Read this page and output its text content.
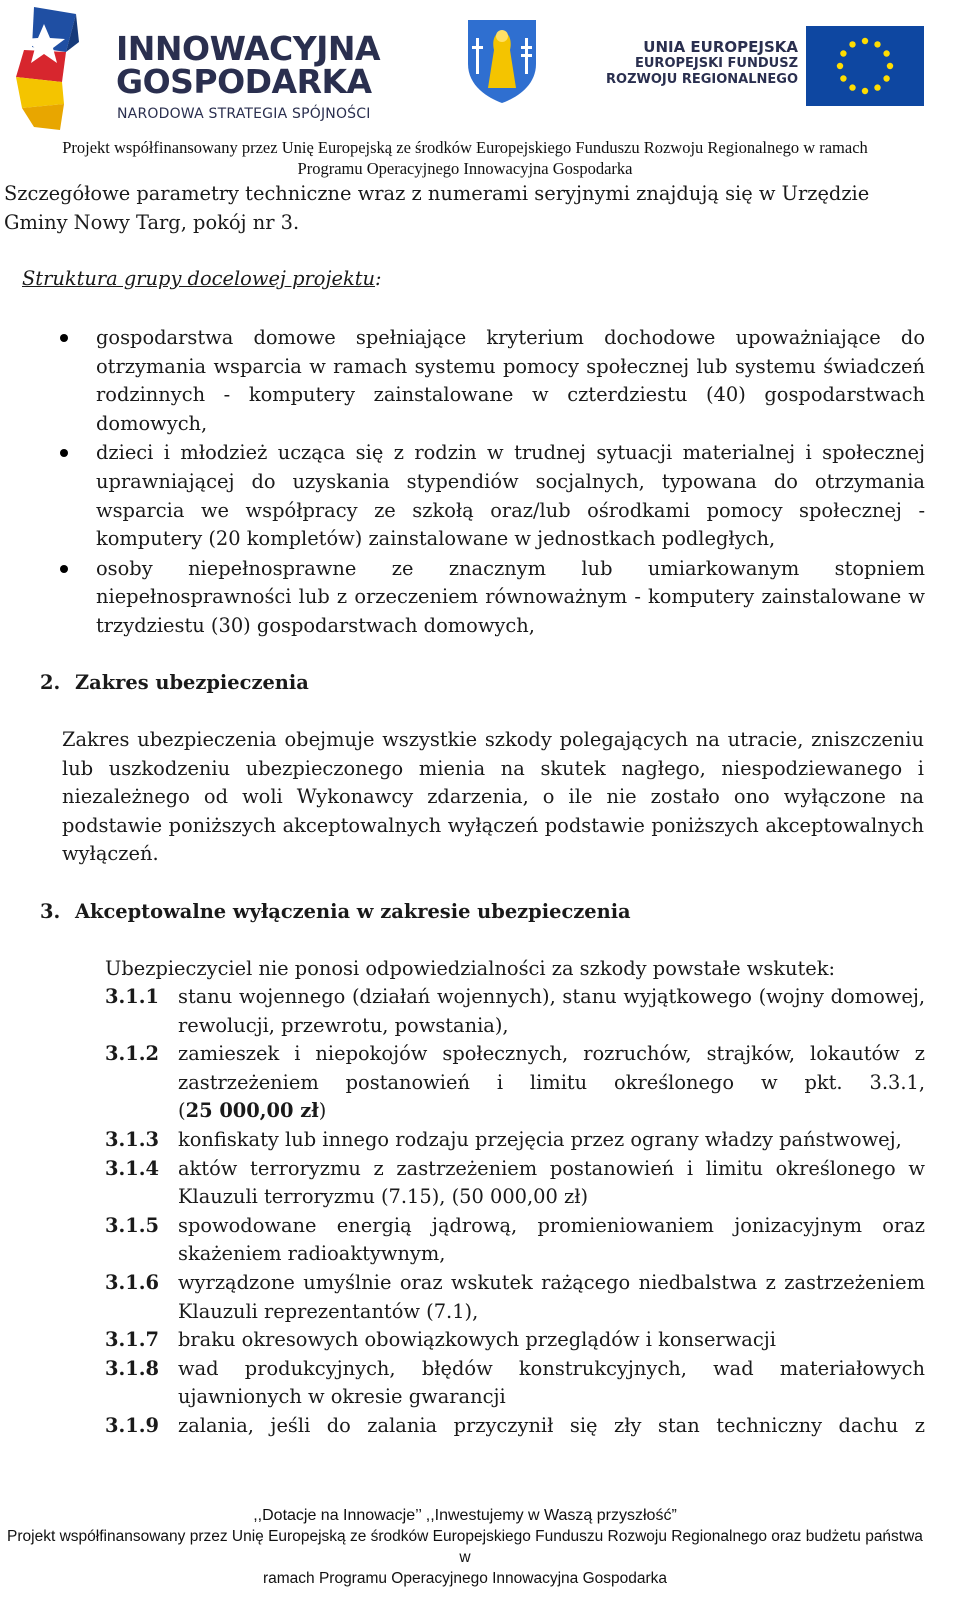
INNOWACYJNA
GOSPODARKA
NARODOWA STRATEGIA SPÓJNOŚCI
UNIA EUROPEJSKA
EUROPEJSKI FUNDUSZ
ROZWOJU REGIONALNEGO
Projekt współfinansowany przez Unię Europejską ze środków Europejskiego Funduszu Rozwoju Regionalnego w ramach
Programu Operacyjnego Innowacyjna Gospodarka
Szczegółowe parametry techniczne wraz z numerami seryjnymi znajdują się w Urzędzie Gminy Nowy Targ, pokój nr 3.
Struktura grupy docelowej projektu:
gospodarstwa domowe spełniające kryterium dochodowe upoważniające do otrzymania wsparcia w ramach systemu pomocy społecznej lub systemu świadczeń rodzinnych - komputery zainstalowane w czterdziestu (40) gospodarstwach domowych,
dzieci i młodzież ucząca się z rodzin w trudnej sytuacji materialnej i społecznej uprawniającej do uzyskania stypendiów socjalnych, typowana do otrzymania wsparcia we współpracy ze szkołą oraz/lub ośrodkami pomocy społecznej - komputery (20 kompletów) zainstalowane w jednostkach podległych,
osoby niepełnosprawne ze znacznym lub umiarkowanym stopniem niepełnosprawności lub z orzeczeniem równoważnym - komputery zainstalowane w trzydziestu (30) gospodarstwach domowych,
2. Zakres ubezpieczenia
Zakres ubezpieczenia obejmuje wszystkie szkody polegających na utracie, zniszczeniu lub uszkodzeniu ubezpieczonego mienia na skutek nagłego, niespodziewanego i niezależnego od woli Wykonawcy zdarzenia, o ile nie zostało ono wyłączone na podstawie poniższych akceptowalnych wyłączeń podstawie poniższych akceptowalnych wyłączeń.
3. Akceptowalne wyłączenia w zakresie ubezpieczenia
Ubezpieczyciel nie ponosi odpowiedzialności za szkody powstałe wskutek:
3.1.1 stanu wojennego (działań wojennych), stanu wyjątkowego (wojny domowej, rewolucji, przewrotu, powstania),
3.1.2 zamieszek i niepokojów społecznych, rozruchów, strajków, lokautów z zastrzeżeniem postanowień i limitu określonego w pkt. 3.3.1,
(25 000,00 zł)
3.1.3 konfiskaty lub innego rodzaju przejęcia przez ograny władzy państwowej,
3.1.4 aktów terroryzmu z zastrzeżeniem postanowień i limitu określonego w Klauzuli terroryzmu (7.15), (50 000,00 zł)
3.1.5 spowodowane energią jądrową, promieniowaniem jonizacyjnym oraz skażeniem radioaktywnym,
3.1.6 wyrządzone umyślnie oraz wskutek rażącego niedbalstwa z zastrzeżeniem Klauzuli reprezentantów (7.1),
3.1.7 braku okresowych obowiązkowych przeglądów i konserwacji
3.1.8 wad produkcyjnych, błędów konstrukcyjnych, wad materiałowych ujawnionych w okresie gwarancji
3.1.9 zalania, jeśli do zalania przyczynił się zły stan techniczny dachu z
,,Dotacje na Innowacje’’ ,,Inwestujemy w Waszą przyszłość”
Projekt współfinansowany przez Unię Europejską ze środków Europejskiego Funduszu Rozwoju Regionalnego oraz budżetu państwa w
ramach Programu Operacyjnego Innowacyjna Gospodarka
